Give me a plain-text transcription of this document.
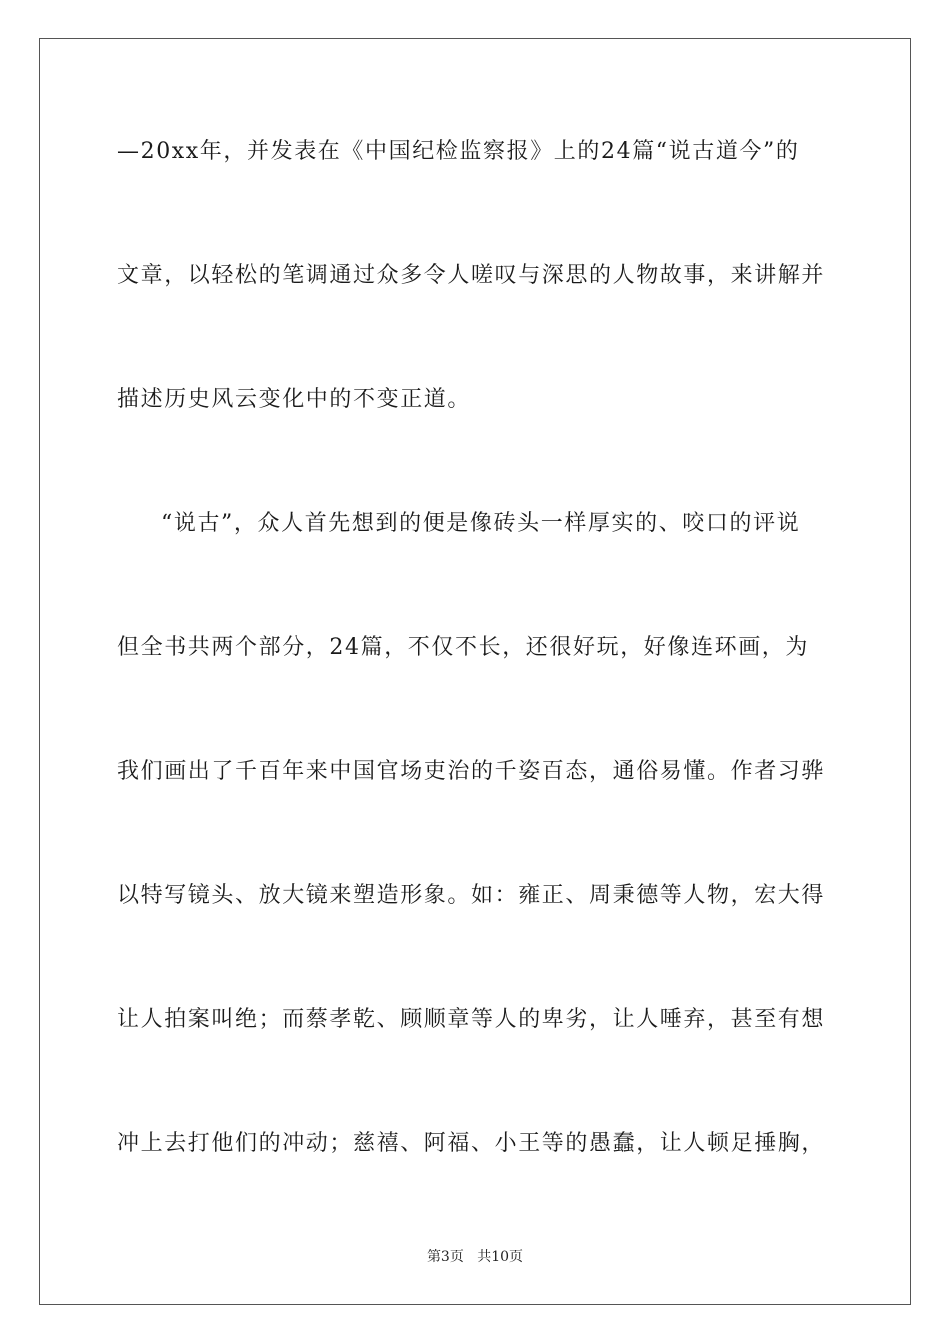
—20xx年，并发表在《中国纪检监察报》上的24篇“说古道今”的
文章，以轻松的笔调通过众多令人嗟叹与深思的人物故事，来讲解并
描述历史风云变化中的不变正道。
“说古”，众人首先想到的便是像砖头一样厚实的、咬口的评说
但全书共两个部分，24篇，不仅不长，还很好玩，好像连环画，为
我们画出了千百年来中国官场吏治的千姿百态，通俗易懂。作者习骅
以特写镜头、放大镜来塑造形象。如：雍正、周秉德等人物，宏大得
让人拍案叫绝；而蔡孝乾、顾顺章等人的卑劣，让人唾弃，甚至有想
冲上去打他们的冲动；慈禧、阿福、小王等的愚蠢，让人顿足捶胸，
第3页 共10页
